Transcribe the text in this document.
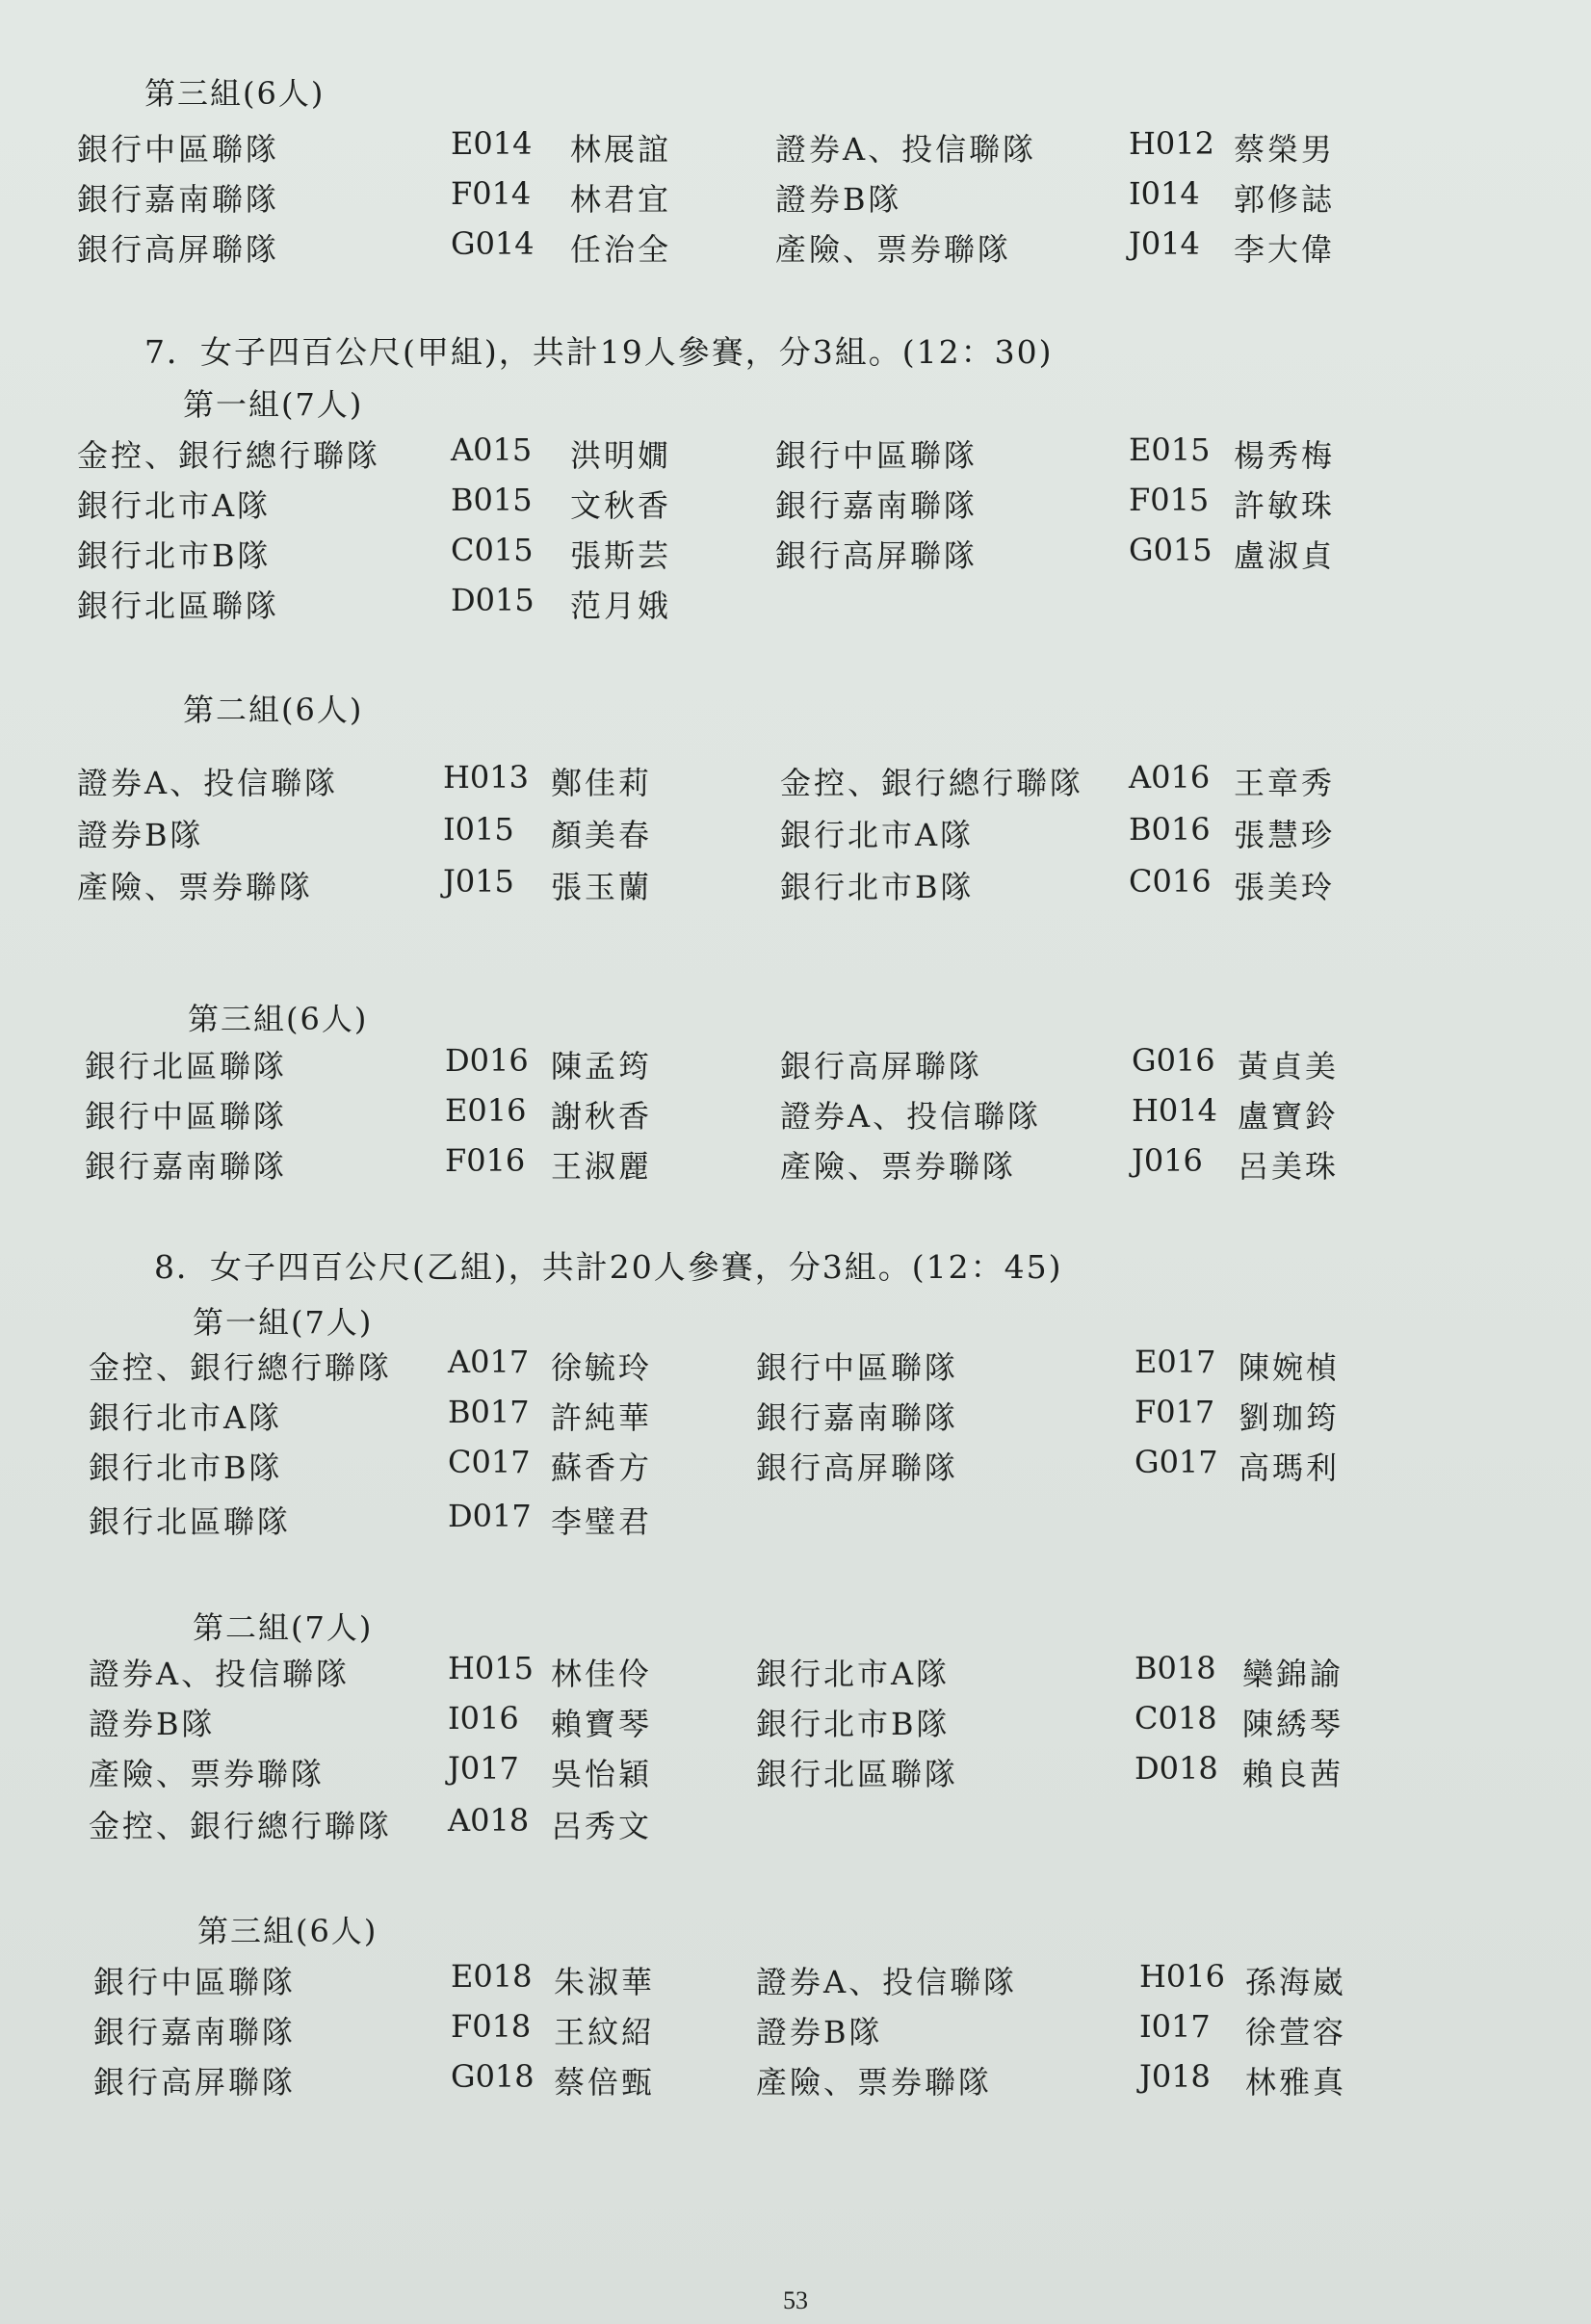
第三組(6人)
銀行中區聯隊	E014 林展誼	證券A、投信聯隊	H012 蔡榮男
銀行嘉南聯隊	F014 林君宜	證券B隊	I014 郭修誌
銀行高屏聯隊	G014 任治全	產險、票券聯隊	J014 李大偉
7．女子四百公尺(甲組)，共計19人參賽，分3組。(12：30)
第一組(7人)
金控、銀行總行聯隊 A015 洪明嫺	銀行中區聯隊	E015 楊秀梅
銀行北市A隊	B015 文秋香	銀行嘉南聯隊	F015 許敏珠
銀行北市B隊	C015 張斯芸	銀行高屏聯隊	G015 盧淑貞
銀行北區聯隊	D015 范月娥
第二組(6人)
證券A、投信聯隊	H013 鄭佳莉	金控、銀行總行聯隊 A016 王章秀
證券B隊	I015 顏美春	銀行北市A隊	B016 張慧珍
產險、票券聯隊	J015 張玉蘭	銀行北市B隊	C016 張美玲
第三組(6人)
銀行北區聯隊	D016 陳孟筠	銀行高屏聯隊	G016 黃貞美
銀行中區聯隊	E016 謝秋香	證券A、投信聯隊	H014 盧寶鈴
銀行嘉南聯隊	F016 王淑麗	產險、票券聯隊	J016 呂美珠
8．女子四百公尺(乙組)，共計20人參賽，分3組。(12：45)
第一組(7人)
金控、銀行總行聯隊 A017 徐毓玲	銀行中區聯隊	E017 陳婉楨
銀行北市A隊	B017 許純華	銀行嘉南聯隊	F017 劉珈筠
銀行北市B隊	C017 蘇香方	銀行高屏聯隊	G017 高瑪利
銀行北區聯隊	D017 李璧君
第二組(7人)
證券A、投信聯隊	H015 林佳伶	銀行北市A隊	B018 欒錦諭
證券B隊	I016 賴寶琴	銀行北市B隊	C018 陳綉琴
產險、票券聯隊	J017 吳怡穎	銀行北區聯隊	D018 賴良茜
金控、銀行總行聯隊 A018 呂秀文
第三組(6人)
銀行中區聯隊	E018 朱淑華	證券A、投信聯隊	H016 孫海崴
銀行嘉南聯隊	F018 王紋紹	證券B隊	I017 徐萱容
銀行高屏聯隊	G018 蔡倍甄	產險、票券聯隊	J018 林雅真
53
